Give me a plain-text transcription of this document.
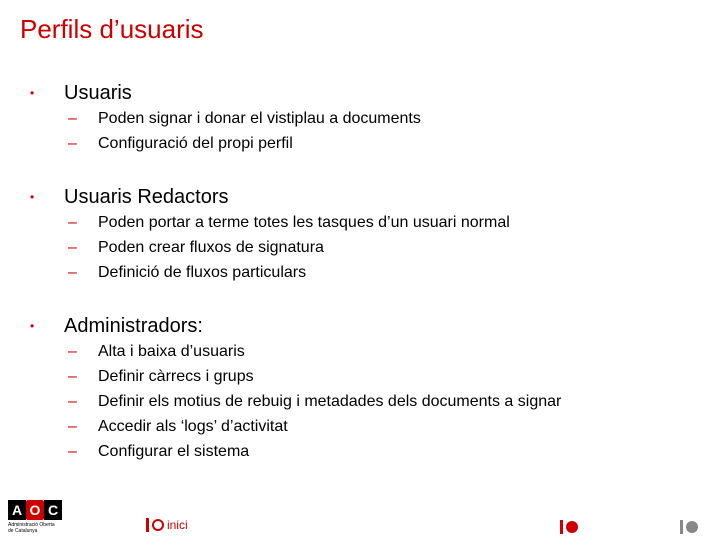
Perfils d’usuaris
•	Usuaris
–	Poden signar i donar el vistiplau a documents
–	Configuració del propi perfil
•	Usuaris Redactors
–	Poden portar a terme totes les tasques d’un usuari normal
–	Poden crear fluxos de signatura
–	Definició de fluxos particulars
•	Administradors:
–	Alta i baixa d’usuaris
–	Definir càrrecs i grups
–	Definir els motius de rebuig i metadades dels documents a signar
–	Accedir als ‘logs’ d’activitat
–	Configurar el sistema
A O C
Administració Oberta
de Catalunya	inici
